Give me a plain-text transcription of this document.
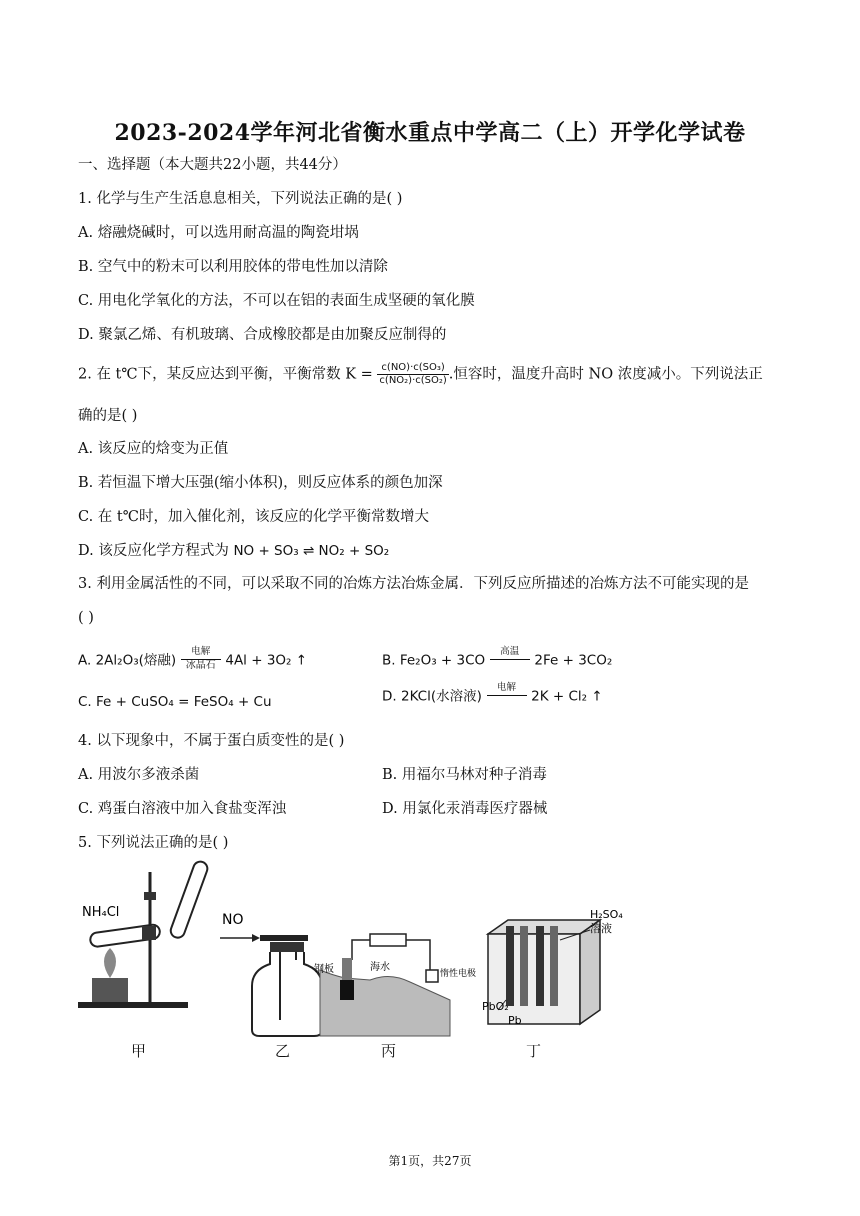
2023-2024学年河北省衡水重点中学高二（上）开学化学试卷
一、选择题（本大题共22小题，共44分）
1. 化学与生产生活息息相关，下列说法正确的是( )
A. 熔融烧碱时，可以选用耐高温的陶瓷坩埚
B. 空气中的粉末可以利用胶体的带电性加以清除
C. 用电化学氧化的方法，不可以在铝的表面生成坚硬的氧化膜
D. 聚氯乙烯、有机玻璃、合成橡胶都是由加聚反应制得的
2. 在 t℃下，某反应达到平衡，平衡常数 $K = \frac{\text{c(NO)·c(SO₃)}}{\text{c(NO₂)·c(SO₂)}}$ .恒容时，温度升高时 NO 浓度减小。下列说法正
确的是( )
A. 该反应的焓变为正值
B. 若恒温下增大压强(缩小体积)，则反应体系的颜色加深
C. 在 t℃时，加入催化剂，该反应的化学平衡常数增大
D. 该反应化学方程式为 NO + SO₃ ⇌ NO₂ + SO₂
3. 利用金属活性的不同，可以采取不同的冶炼方法冶炼金属．下列反应所描述的冶炼方法不可能实现的是
( )
A. 2Al₂O₃(熔融)
电解
冰晶石 4Al + 3O₂ ↑	B. Fe₂O₃ + 3CO
高温

2Fe + 3CO₂
C. Fe + CuSO₄ = FeSO₄ + Cu	D. 2KCl(水溶液)
电解

2K + Cl₂ ↑
4. 以下现象中，不属于蛋白质变性的是( )
A. 用波尔多液杀菌	B. 用福尔马林对种子消毒
C. 鸡蛋白溶液中加入食盐变浑浊	D. 用氯化汞消毒医疗器械
5. 下列说法正确的是( )
NH₄Cl	NO
钢板	海水
惰性电极
H₂SO₄
溶液
PbO₂
Pb
甲	乙	丙	丁
第1页，共27页
